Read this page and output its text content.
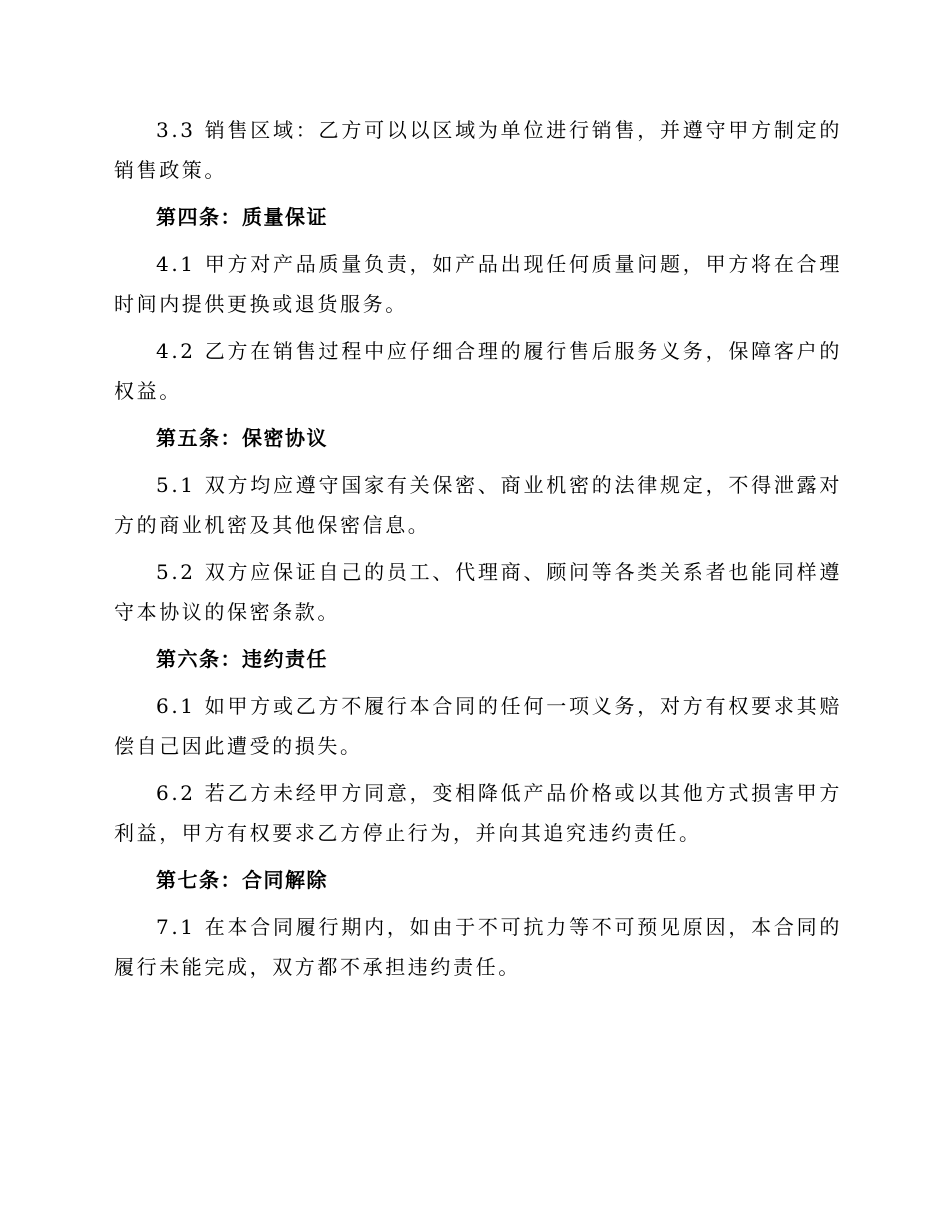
3.3 销售区域：乙方可以以区域为单位进行销售，并遵守甲方制定的销售政策。

第四条：质量保证

4.1 甲方对产品质量负责，如产品出现任何质量问题，甲方将在合理时间内提供更换或退货服务。

4.2 乙方在销售过程中应仔细合理的履行售后服务义务，保障客户的权益。

第五条：保密协议

5.1 双方均应遵守国家有关保密、商业机密的法律规定，不得泄露对方的商业机密及其他保密信息。

5.2 双方应保证自己的员工、代理商、顾问等各类关系者也能同样遵守本协议的保密条款。

第六条：违约责任

6.1 如甲方或乙方不履行本合同的任何一项义务，对方有权要求其赔偿自己因此遭受的损失。

6.2 若乙方未经甲方同意，变相降低产品价格或以其他方式损害甲方利益，甲方有权要求乙方停止行为，并向其追究违约责任。

第七条：合同解除

7.1 在本合同履行期内，如由于不可抗力等不可预见原因，本合同的履行未能完成，双方都不承担违约责任。
